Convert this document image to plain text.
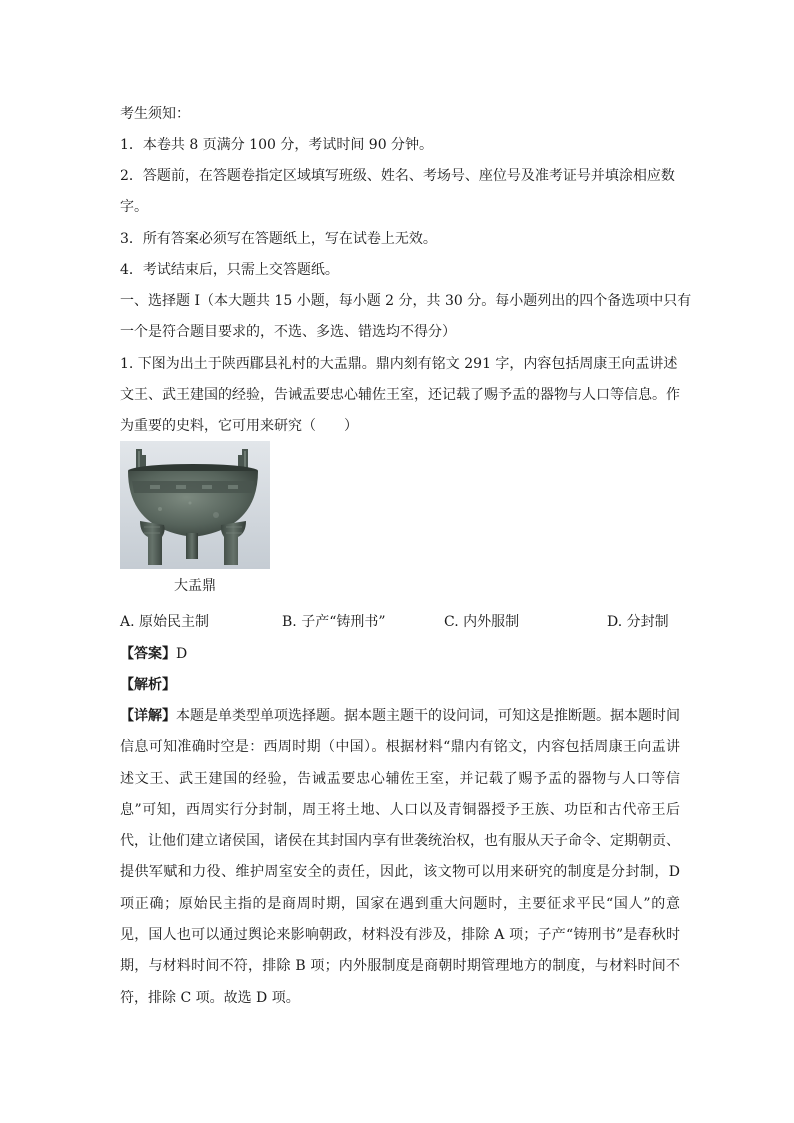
考生须知：
1．本卷共 8 页满分 100 分，考试时间 90 分钟。
2．答题前，在答题卷指定区域填写班级、姓名、考场号、座位号及准考证号并填涂相应数
字。
3．所有答案必须写在答题纸上，写在试卷上无效。
4．考试结束后，只需上交答题纸。
一、选择题 I（本大题共 15 小题，每小题 2 分，共 30 分。每小题列出的四个备选项中只有
一个是符合题目要求的，不选、多选、错选均不得分）
1. 下图为出土于陕西郿县礼村的大盂鼎。鼎内刻有铭文 291 字，内容包括周康王向盂讲述
文王、武王建国的经验，告诫盂要忠心辅佐王室，还记载了赐予盂的器物与人口等信息。作
为重要的史料，它可用来研究（　　）
大盂鼎
A. 原始民主制	B. 子产“铸刑书”	C. 内外服制	D. 分封制
【答案】D
【解析】
【详解】本题是单类型单项选择题。据本题主题干的设问词，可知这是推断题。据本题时间信息可知准确时空是：西周时期（中国）。根据材料“鼎内有铭文，内容包括周康王向盂讲述文王、武王建国的经验，告诫盂要忠心辅佐王室，并记载了赐予盂的器物与人口等信息”可知，西周实行分封制，周王将土地、人口以及青铜器授予王族、功臣和古代帝王后代，让他们建立诸侯国，诸侯在其封国内享有世袭统治权，也有服从天子命令、定期朝贡、提供军赋和力役、维护周室安全的责任，因此，该文物可以用来研究的制度是分封制，D 项正确；原始民主指的是商周时期，国家在遇到重大问题时，主要征求平民“国人”的意见，国人也可以通过舆论来影响朝政，材料没有涉及，排除 A 项；子产“铸刑书”是春秋时期，与材料时间不符，排除 B 项；内外服制度是商朝时期管理地方的制度，与材料时间不符，排除 C 项。故选 D 项。
